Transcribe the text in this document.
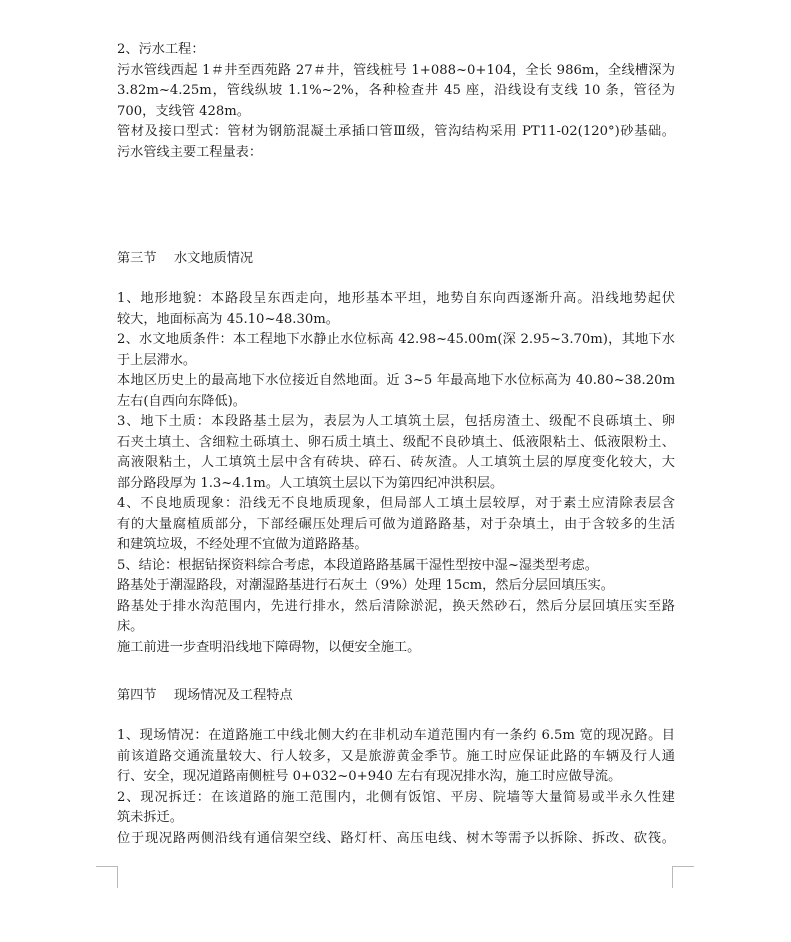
2、污水工程：
污水管线西起 1＃井至西苑路 27＃井，管线桩号 1+088~0+104，全长 986m，全线槽深为
3.82m~4.25m，管线纵坡 1.1%~2%，各种检查井 45 座，沿线设有支线 10 条，管径为
700，支线管 428m。
管材及接口型式：管材为钢筋混凝土承插口管Ⅲ级，管沟结构采用 PT11-02(120°)砂基础。
污水管线主要工程量表：
第三节　 水文地质情况
1、地形地貌：本路段呈东西走向，地形基本平坦，地势自东向西逐渐升高。沿线地势起伏
较大，地面标高为 45.10~48.30m。
2、水文地质条件：本工程地下水静止水位标高 42.98~45.00m(深 2.95~3.70m)，其地下水
于上层滞水。
本地区历史上的最高地下水位接近自然地面。近 3~5 年最高地下水位标高为 40.80~38.20m
左右(自西向东降低)。
3、地下土质：本段路基土层为，表层为人工填筑土层，包括房渣土、级配不良砾填土、卵
石夹土填土、含细粒土砾填土、卵石质土填土、级配不良砂填土、低液限粘土、低液限粉土、
高液限粘土，人工填筑土层中含有砖块、碎石、砖灰渣。人工填筑土层的厚度变化较大，大
部分路段厚为 1.3~4.1m。人工填筑土层以下为第四纪冲洪积层。
4、不良地质现象：沿线无不良地质现象，但局部人工填土层较厚，对于素土应清除表层含
有的大量腐植质部分，下部经碾压处理后可做为道路路基，对于杂填土，由于含较多的生活
和建筑垃圾，不经处理不宜做为道路路基。
5、结论：根据钻探资料综合考虑，本段道路路基属干湿性型按中湿~湿类型考虑。
路基处于潮湿路段，对潮湿路基进行石灰土（9%）处理 15cm，然后分层回填压实。
路基处于排水沟范围内，先进行排水，然后清除淤泥，换天然砂石，然后分层回填压实至路
床。
施工前进一步查明沿线地下障碍物，以便安全施工。
第四节　 现场情况及工程特点
1、现场情况：在道路施工中线北侧大约在非机动车道范围内有一条约 6.5m 宽的现况路。目
前该道路交通流量较大、行人较多，又是旅游黄金季节。施工时应保证此路的车辆及行人通
行、安全，现况道路南侧桩号 0+032~0+940 左右有现况排水沟，施工时应做导流。
2、现况拆迁：在该道路的施工范围内，北侧有饭馆、平房、院墙等大量简易或半永久性建
筑未拆迁。
位于现况路两侧沿线有通信架空线、路灯杆、高压电线、树木等需予以拆除、拆改、砍筏。
